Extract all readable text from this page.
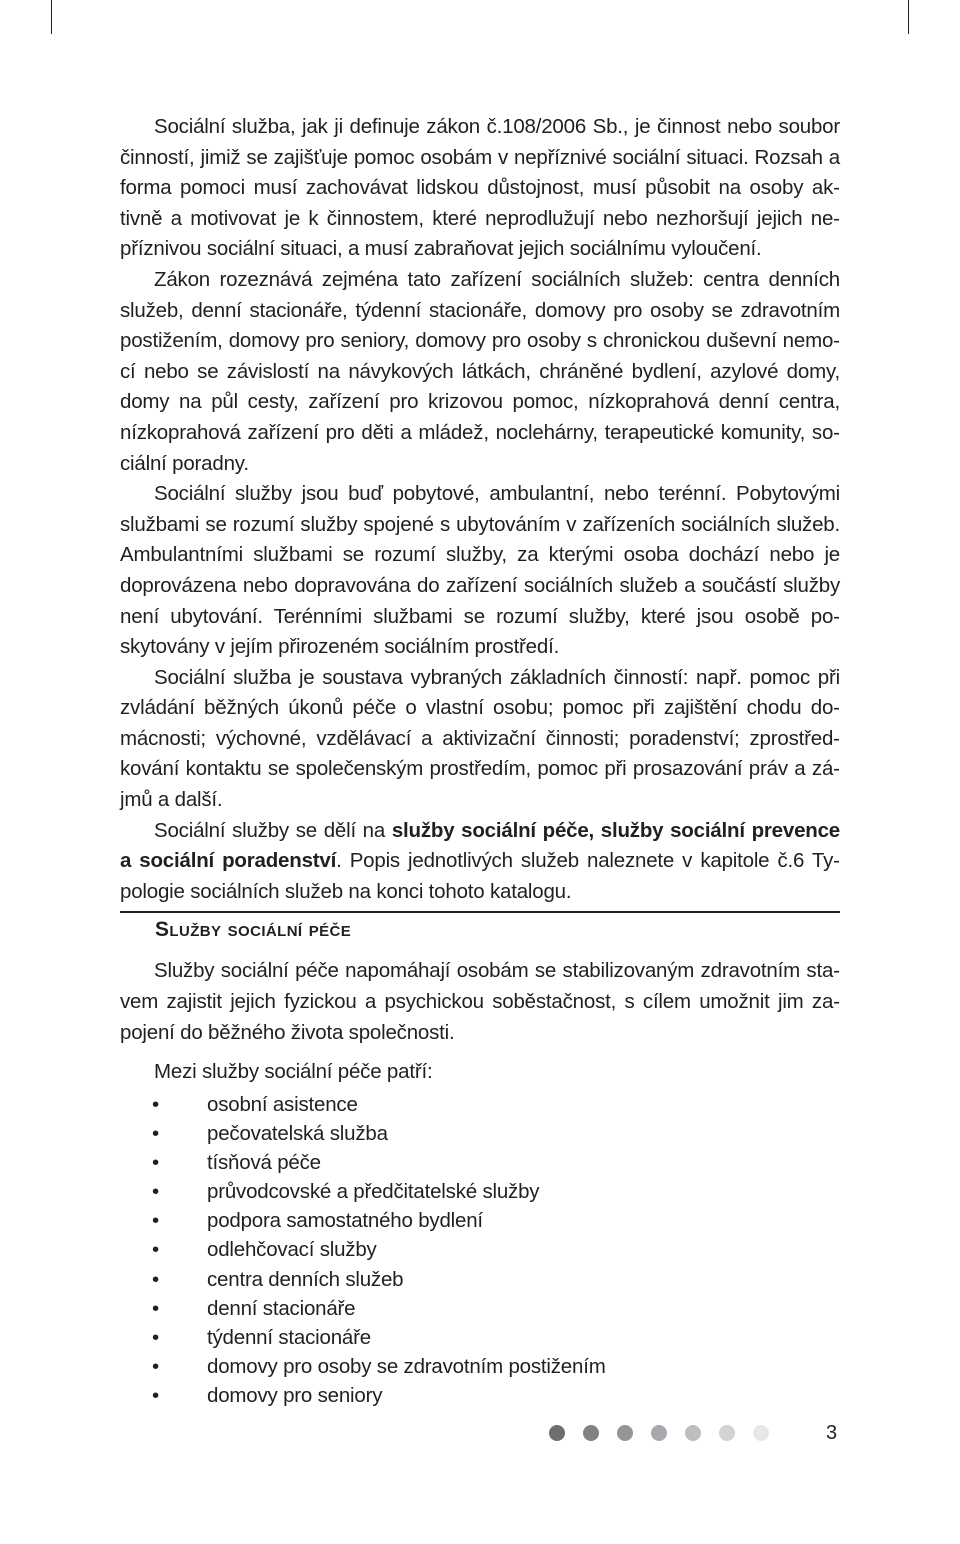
Sociální služba, jak ji definuje zákon č.108/2006 Sb., je činnost nebo soubor činností, jimiž se zajišťuje pomoc osobám v nepříznivé sociální situaci. Rozsah a forma pomoci musí zachovávat lidskou důstojnost, musí působit na osoby aktivně a motivovat je k činnostem, které neprodlužují nebo nezhoršují jejich nepříznivou sociální situaci, a musí zabraňovat jejich sociálnímu vyloučení.

Zákon rozeznává zejména tato zařízení sociálních služeb: centra denních služeb, denní stacionáře, týdenní stacionáře, domovy pro osoby se zdravotním postižením, domovy pro seniory, domovy pro osoby s chronickou duševní nemocí nebo se závislostí na návykových látkách, chráněné bydlení, azylové domy, domy na půl cesty, zařízení pro krizovou pomoc, nízkoprahová denní centra, nízkoprahová zařízení pro děti a mládež, noclehárny, terapeutické komunity, sociální poradny.

Sociální služby jsou buď pobytové, ambulantní, nebo terénní. Pobytovými službami se rozumí služby spojené s ubytováním v zařízeních sociálních služeb. Ambulantními službami se rozumí služby, za kterými osoba dochází nebo je doprovázena nebo dopravována do zařízení sociálních služeb a součástí služby není ubytování. Terénními službami se rozumí služby, které jsou osobě poskytovány v jejím přirozeném sociálním prostředí.

Sociální služba je soustava vybraných základních činností: např. pomoc při zvládání běžných úkonů péče o vlastní osobu; pomoc při zajištění chodu domácnosti; výchovné, vzdělávací a aktivizační činnosti; poradenství; zprostředkování kontaktu se společenským prostředím, pomoc při prosazování práv a zájmů a další.

Sociální služby se dělí na služby sociální péče, služby sociální prevence a sociální poradenství. Popis jednotlivých služeb naleznete v kapitole č.6 Typologie sociálních služeb na konci tohoto katalogu.

Služby sociální péče

Služby sociální péče napomáhají osobám se stabilizovaným zdravotním stavem zajistit jejich fyzickou a psychickou soběstačnost, s cílem umožnit jim zapojení do běžného života společnosti.

Mezi služby sociální péče patří:

• osobní asistence
• pečovatelská služba
• tísňová péče
• průvodcovské a předčitatelské služby
• podpora samostatného bydlení
• odlehčovací služby
• centra denních služeb
• denní stacionáře
• týdenní stacionáře
• domovy pro osoby se zdravotním postižením
• domovy pro seniory
3
